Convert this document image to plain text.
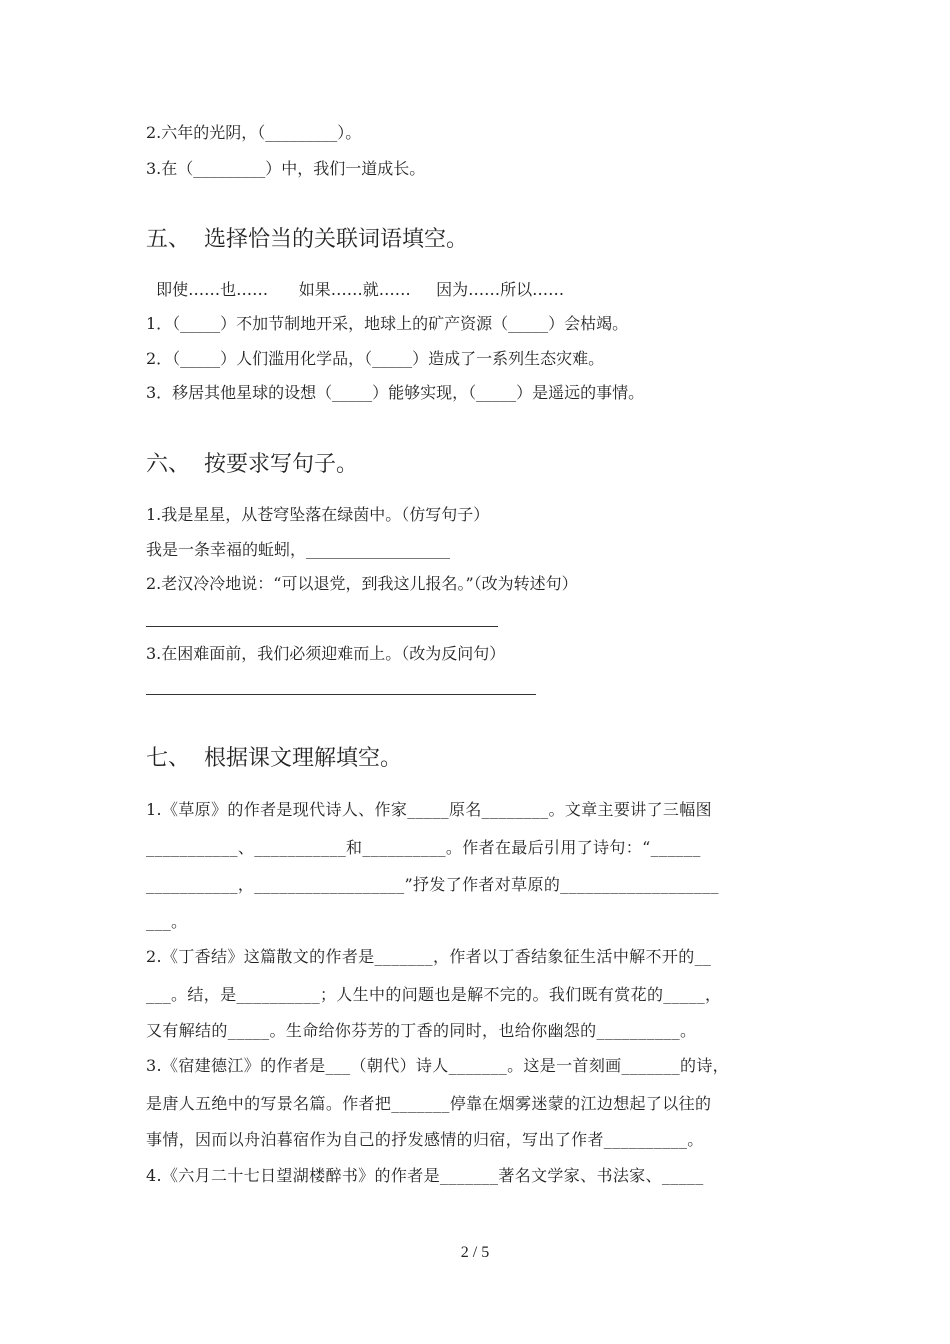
2.六年的光阴，（_________）。
3.在（_________）中，我们一道成长。
五、  选择恰当的关联词语填空。
即使……也……      如果……就……     因为……所以……
1．（_____）不加节制地开采，地球上的矿产资源（_____）会枯竭。
2．（_____）人们滥用化学品，（_____）造成了一系列生态灾难。
3．移居其他星球的设想（_____）能够实现，（_____）是遥远的事情。
六、  按要求写句子。
1.我是星星，从苍穹坠落在绿茵中。（仿写句子）
我是一条幸福的蚯蚓，__________________
2.老汉冷冷地说：“可以退党，到我这儿报名。”（改为转述句）
3.在困难面前，我们必须迎难而上。（改为反问句）
七、  根据课文理解填空。
1.《草原》的作者是现代诗人、作家_____原名________。文章主要讲了三幅图
___________、___________和__________。作者在最后引用了诗句：“______
___________，__________________”抒发了作者对草原的___________________
___。
2.《丁香结》这篇散文的作者是_______，作者以丁香结象征生活中解不开的__
___。结，是__________；人生中的问题也是解不完的。我们既有赏花的_____，
又有解结的_____。生命给你芬芳的丁香的同时，也给你幽怨的__________。
3.《宿建德江》的作者是___（朝代）诗人_______。这是一首刻画_______的诗，
是唐人五绝中的写景名篇。作者把_______停靠在烟雾迷蒙的江边想起了以往的
事情，因而以舟泊暮宿作为自己的抒发感情的归宿，写出了作者__________。
4.《六月二十七日望湖楼醉书》的作者是_______著名文学家、书法家、_____
2 / 5
